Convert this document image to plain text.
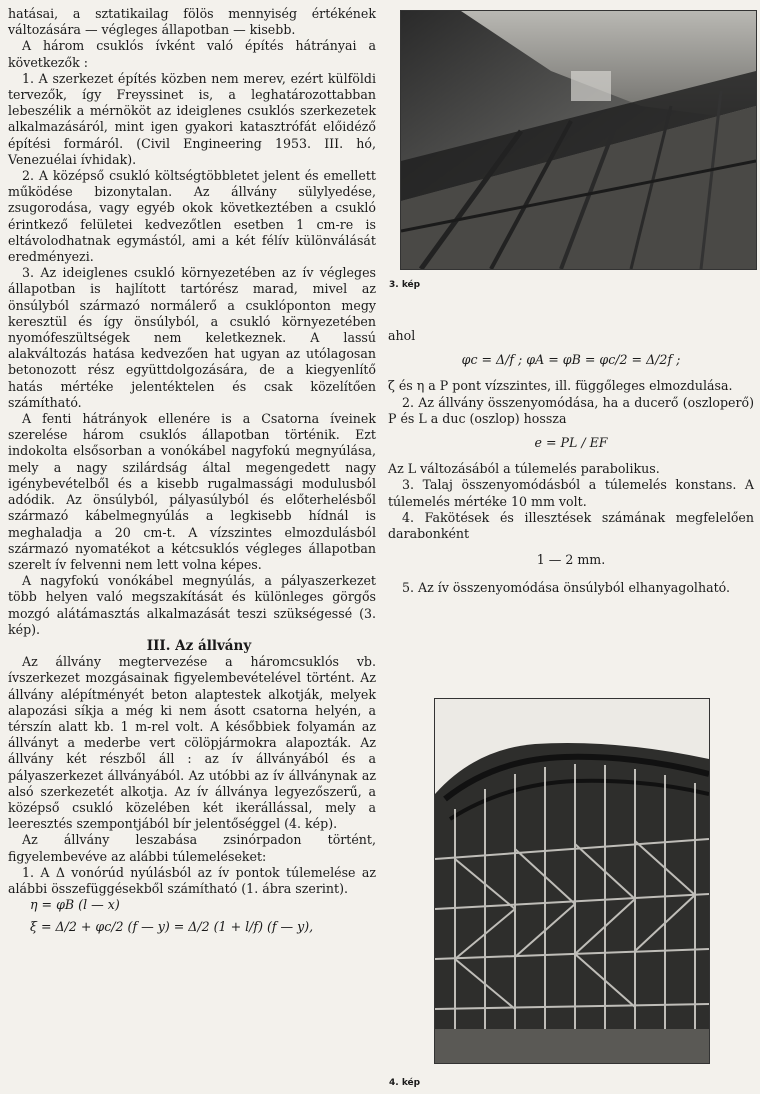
hatásai, a sztatikailag fölös mennyiség értékének változására — végleges állapotban — kisebb.

A három csuklós ívként való építés hátrányai a következők :

1. A szerkezet építés közben nem merev, ezért külföldi tervezők, így Freyssinet is, a leghatározottabban lebeszélik a mérnököt az ideiglenes csuklós szerkezetek alkalmazásáról, mint igen gyakori katasztrófát előidéző építési formáról. (Civil Engineering 1953. III. hó, Venezuélai ívhidak).

2. A középső csukló költségtöbbletet jelent és emellett működése bizonytalan. Az állvány sülylyedése, zsugorodása, vagy egyéb okok következtében a csukló érintkező felületei kedvezőtlen esetben 1 cm-re is eltávolodhatnak egymástól, ami a két félív különválását eredményezi.

3. Az ideiglenes csukló környezetében az ív végleges állapotban is hajlított tartórész marad, mivel az önsúlyból származó normálerő a csuklóponton megy keresztül és így önsúlyból, a csukló környezetében nyomófeszültségek nem keletkeznek. A lassú alakváltozás hatása kedvezően hat ugyan az utólagosan betonozott rész együttdolgozására, de a kiegyenlítő hatás mértéke jelentéktelen és csak közelítően számítható.

A fenti hátrányok ellenére is a Csatorna íveinek szerelése három csuklós állapotban történik. Ezt indokolta elsősorban a vonókábel nagyfokú megnyúlása, mely a nagy szilárdság által megengedett nagy igénybevételből és a kisebb rugalmassági modulusból adódik. Az önsúlyból, pályasúlyból és előterhelésből származó kábelmegnyúlás a legkisebb hídnál is meghaladja a 20 cm-t. A vízszintes elmozdulásból származó nyomatékot a kétcsuklós végleges állapotban szerelt ív felvenni nem lett volna képes.

A nagyfokú vonókábel megnyúlás, a pályaszerkezet több helyen való megszakítását és különleges görgős mozgó alátámasztás alkalmazását teszi szükségessé (3. kép).

III. Az állvány

Az állvány megtervezése a háromcsuklós vb. ívszerkezet mozgásainak figyelembevételével történt. Az állvány alépítményét beton alaptestek alkotják, melyek alapozási síkja a még ki nem ásott csatorna helyén, a térszín alatt kb. 1 m-rel volt. A későbbiek folyamán az állványt a mederbe vert cölöpjármokra alapozták. Az állvány két részből áll : az ív állványából és a pályaszerkezet állványából. Az utóbbi az ív állványnak az alsó szerkezetét alkotja. Az ív állványa legyezőszerű, a középső csukló közelében két ikerállással, mely a leeresztés szempontjából bír jelentőséggel (4. kép).

Az állvány leszabása zsinórpadon történt, figyelembevéve az alábbi túlemeléseket:

1. A Δ vonórúd nyúlásból az ív pontok túlemelése az alábbi összefüggésekből számítható (1. ábra szerint).

η = φB (l — x)

ξ = Δ/2 + φc/2 (f — y) = Δ/2 (1 + l/f) (f — y),

3. kép

ahol

φc = Δ/f ; φA = φB = φc/2 = Δ/2f ;

ζ és η a P pont vízszintes, ill. függőleges elmozdulása.

2. Az állvány összenyomódása, ha a ducerő (oszloperő) P és L a duc (oszlop) hossza

e = PL / EF

Az L változásából a túlemelés parabolikus.

3. Talaj összenyomódásból a túlemelés konstans. A túlemelés mértéke 10 mm volt.

4. Fakötések és illesztések számának megfelelően darabonként

1 — 2 mm.

5. Az ív összenyomódása önsúlyból elhanyagolható.

4. kép
